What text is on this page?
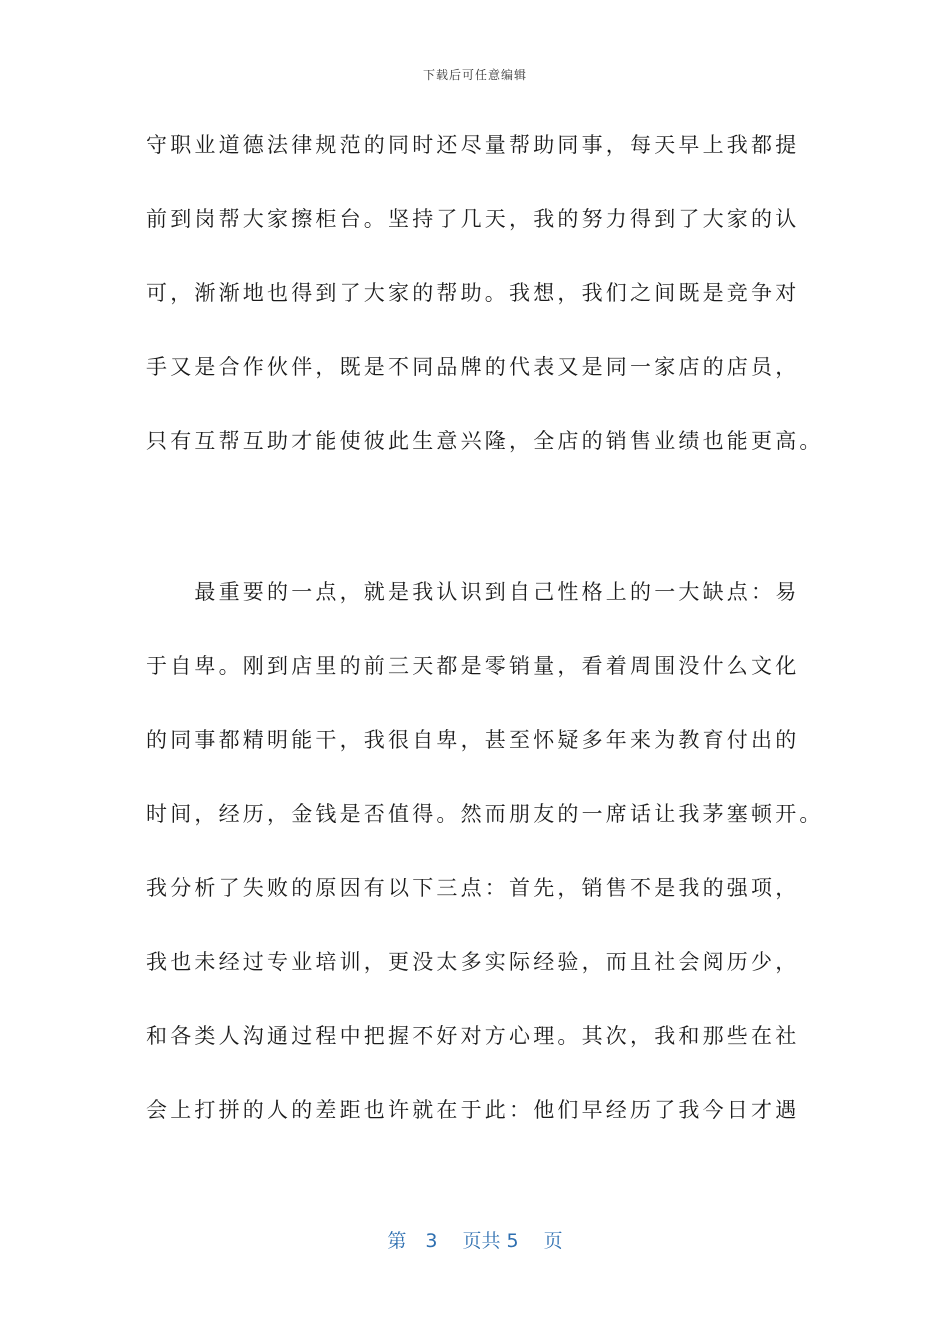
下载后可任意编辑
守职业道德法律规范的同时还尽量帮助同事，每天早上我都提
前到岗帮大家擦柜台。坚持了几天，我的努力得到了大家的认
可，渐渐地也得到了大家的帮助。我想，我们之间既是竞争对
手又是合作伙伴，既是不同品牌的代表又是同一家店的店员，
只有互帮互助才能使彼此生意兴隆，全店的销售业绩也能更高。
　　最重要的一点，就是我认识到自己性格上的一大缺点：易
于自卑。刚到店里的前三天都是零销量，看着周围没什么文化
的同事都精明能干，我很自卑，甚至怀疑多年来为教育付出的
时间，经历，金钱是否值得。然而朋友的一席话让我茅塞顿开。
我分析了失败的原因有以下三点：首先，销售不是我的强项，
我也未经过专业培训，更没太多实际经验，而且社会阅历少，
和各类人沟通过程中把握不好对方心理。其次，我和那些在社
会上打拼的人的差距也许就在于此：他们早经历了我今日才遇
第　3　 页共 5 　页
